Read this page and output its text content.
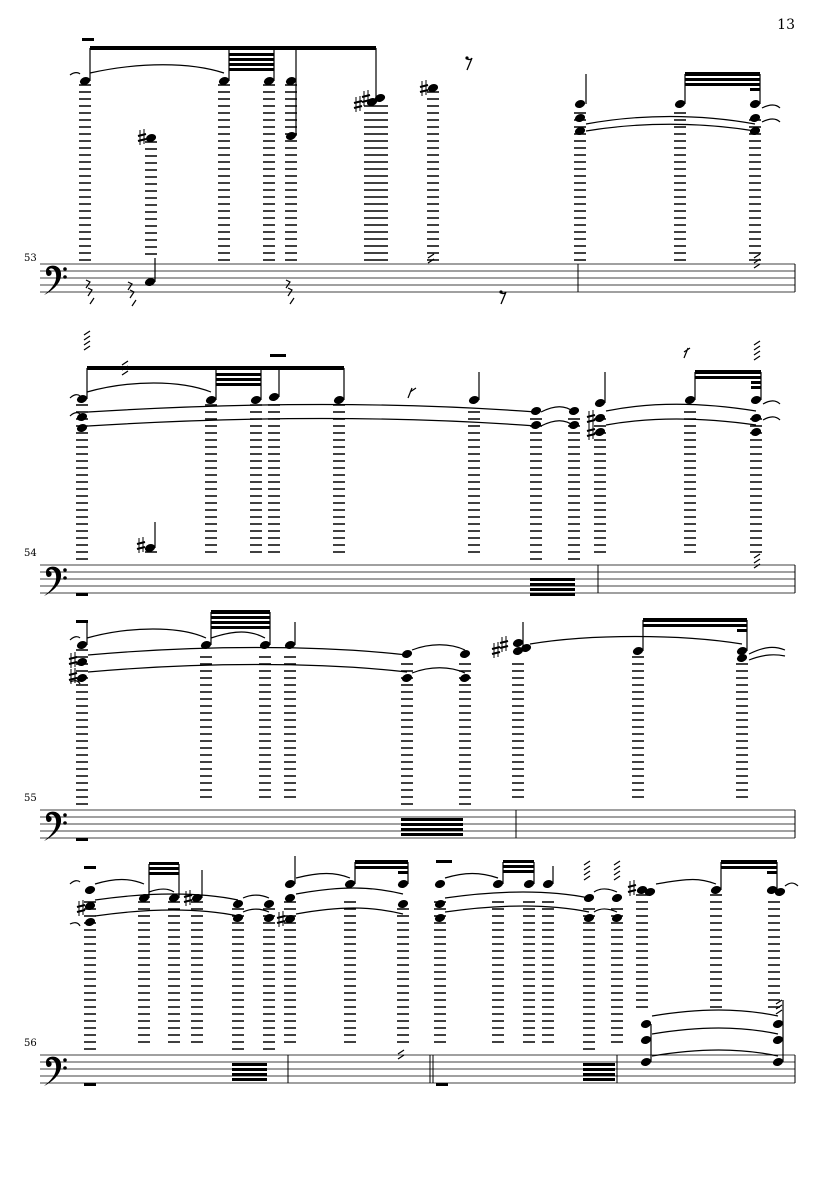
13
53
54
55
56
